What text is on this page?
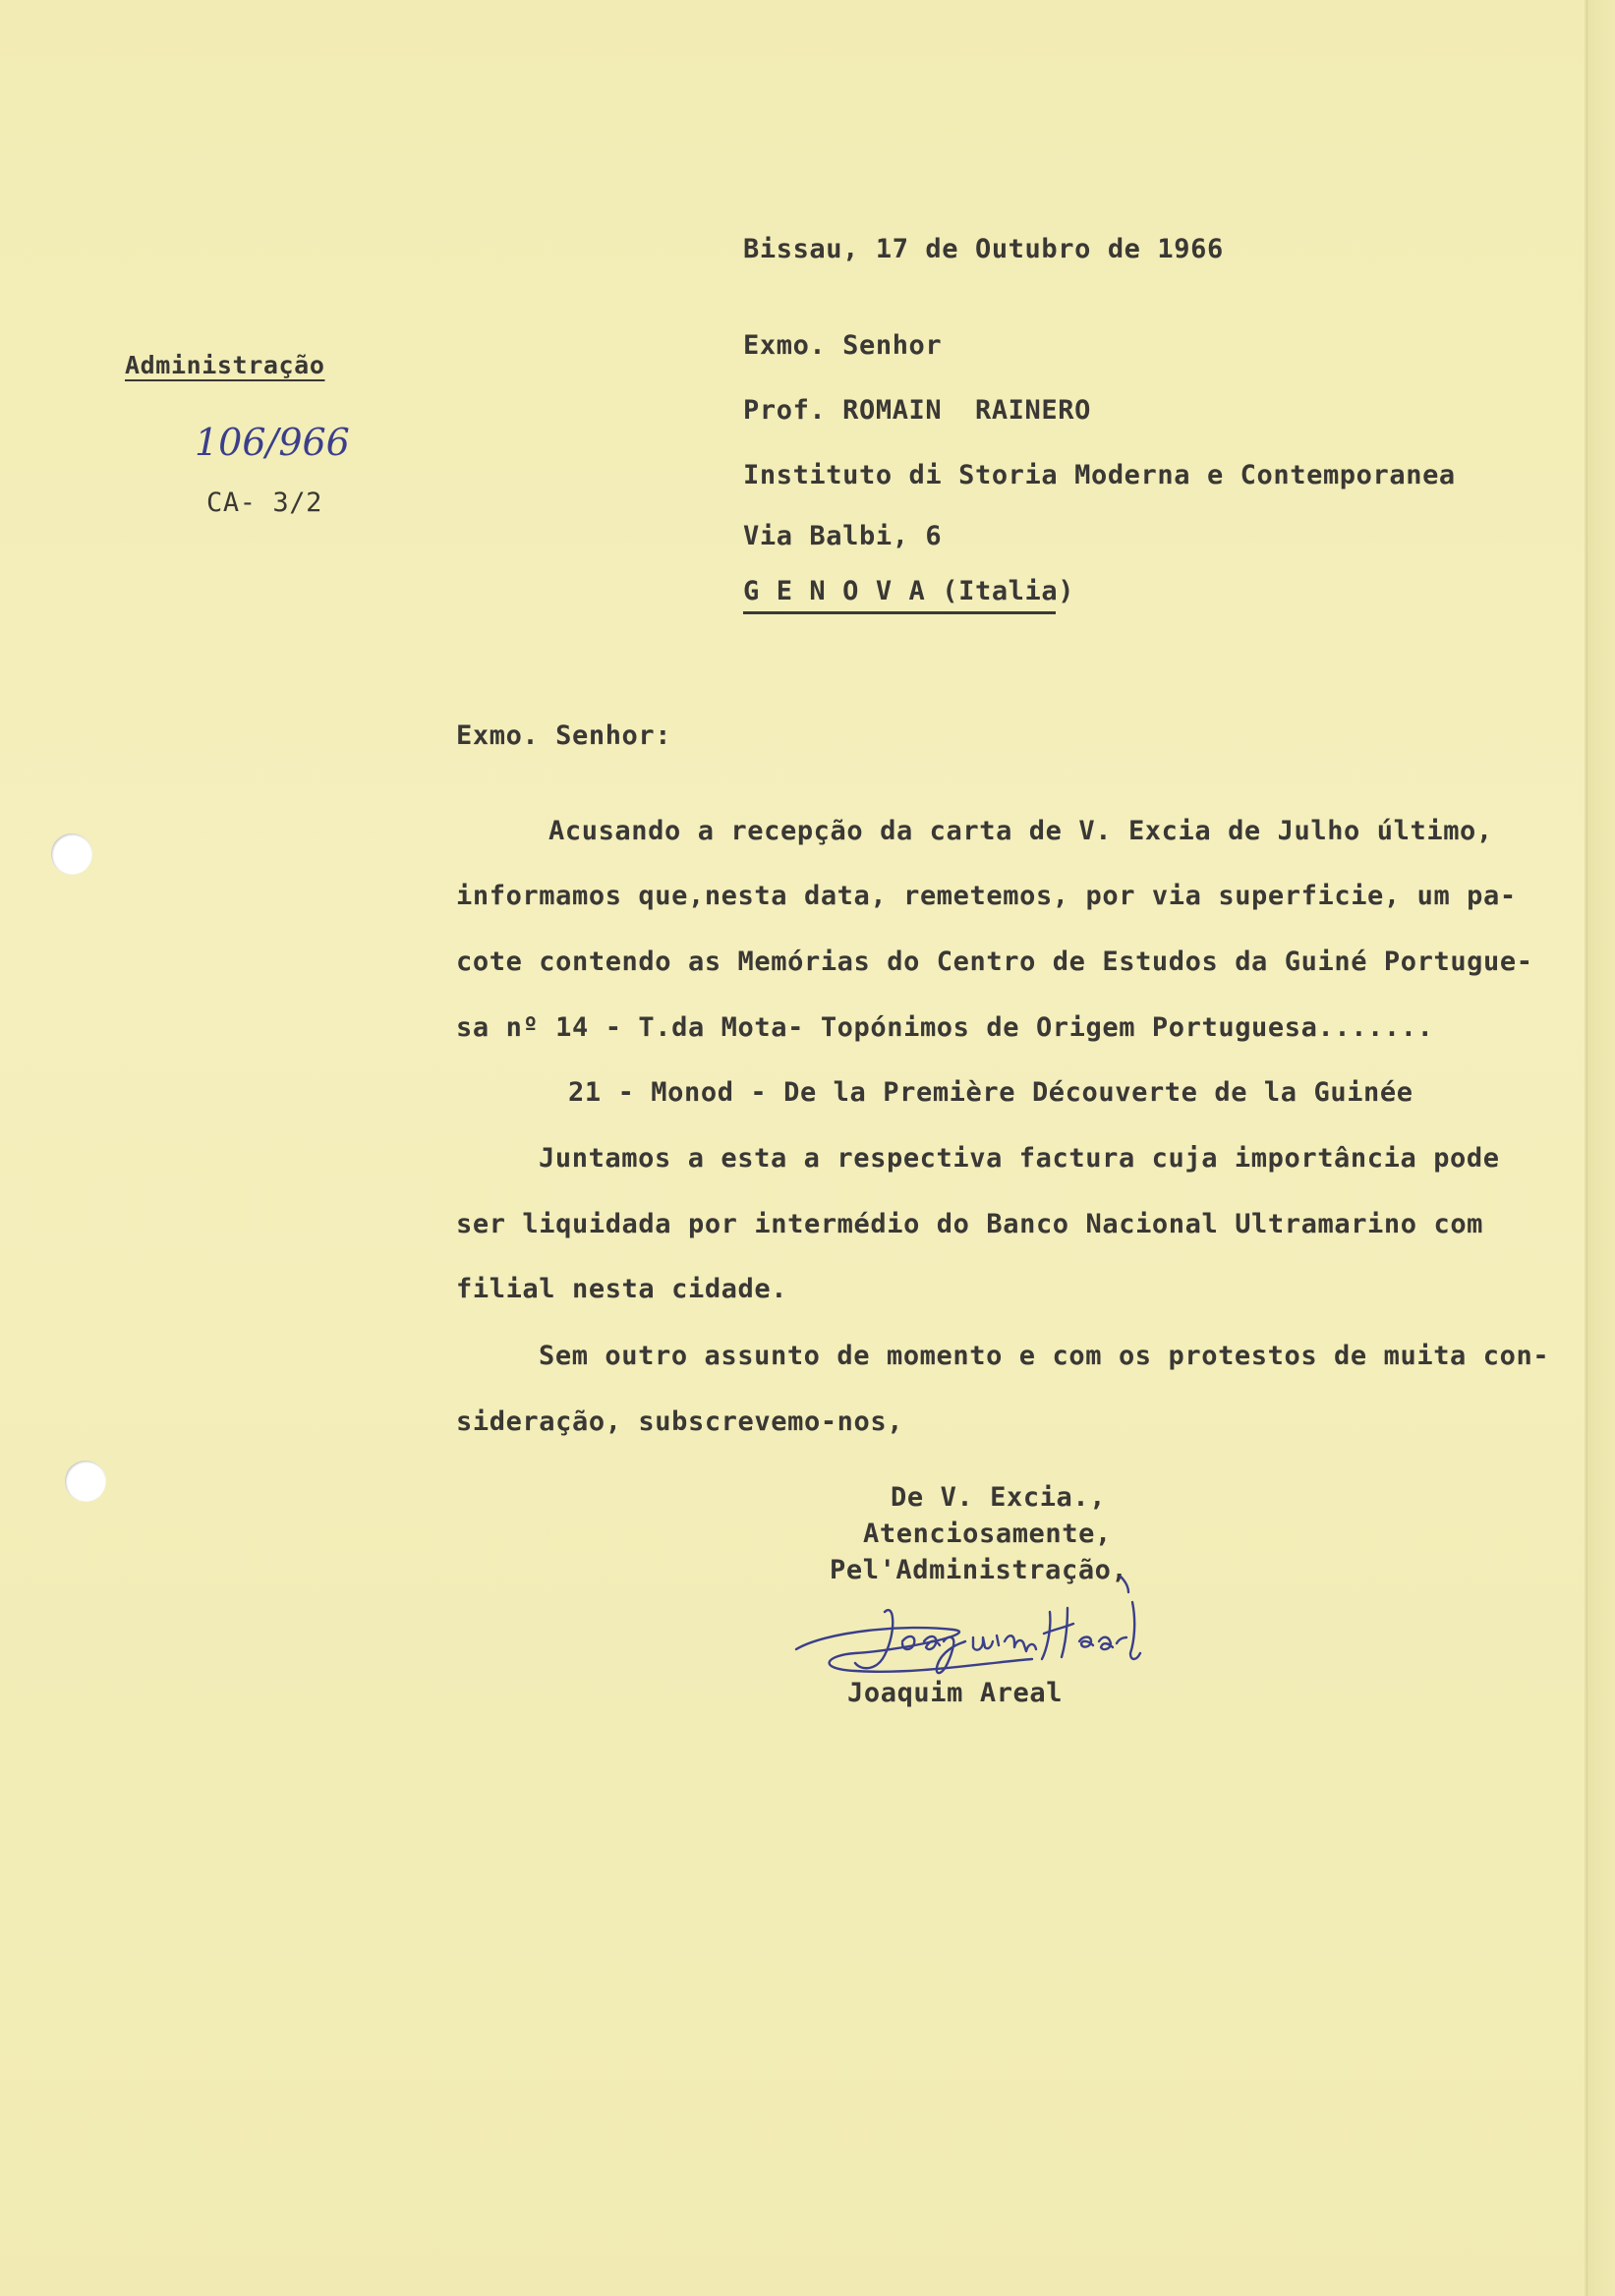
Bissau, 17 de Outubro de 1966
Administração
106/966
CA- 3/2
Exmo. Senhor
Prof. ROMAIN  RAINERO
Instituto di Storia Moderna e Contemporanea
Via Balbi, 6
G E N O V A (Italia)
Exmo. Senhor:
Acusando a recepção da carta de V. Excia de Julho último,
informamos que,nesta data, remetemos, por via superficie, um pa-
cote contendo as Memórias do Centro de Estudos da Guiné Portugue-
sa nº 14 - T.da Mota- Topónimos de Origem Portuguesa.......
21 - Monod - De la Première Découverte de la Guinée
Juntamos a esta a respectiva factura cuja importância pode
ser liquidada por intermédio do Banco Nacional Ultramarino com
filial nesta cidade.
Sem outro assunto de momento e com os protestos de muita con-
sideração, subscrevemo-nos,
De V. Excia.,
Atenciosamente,
Pel'Administração,
Joaquim Areal
